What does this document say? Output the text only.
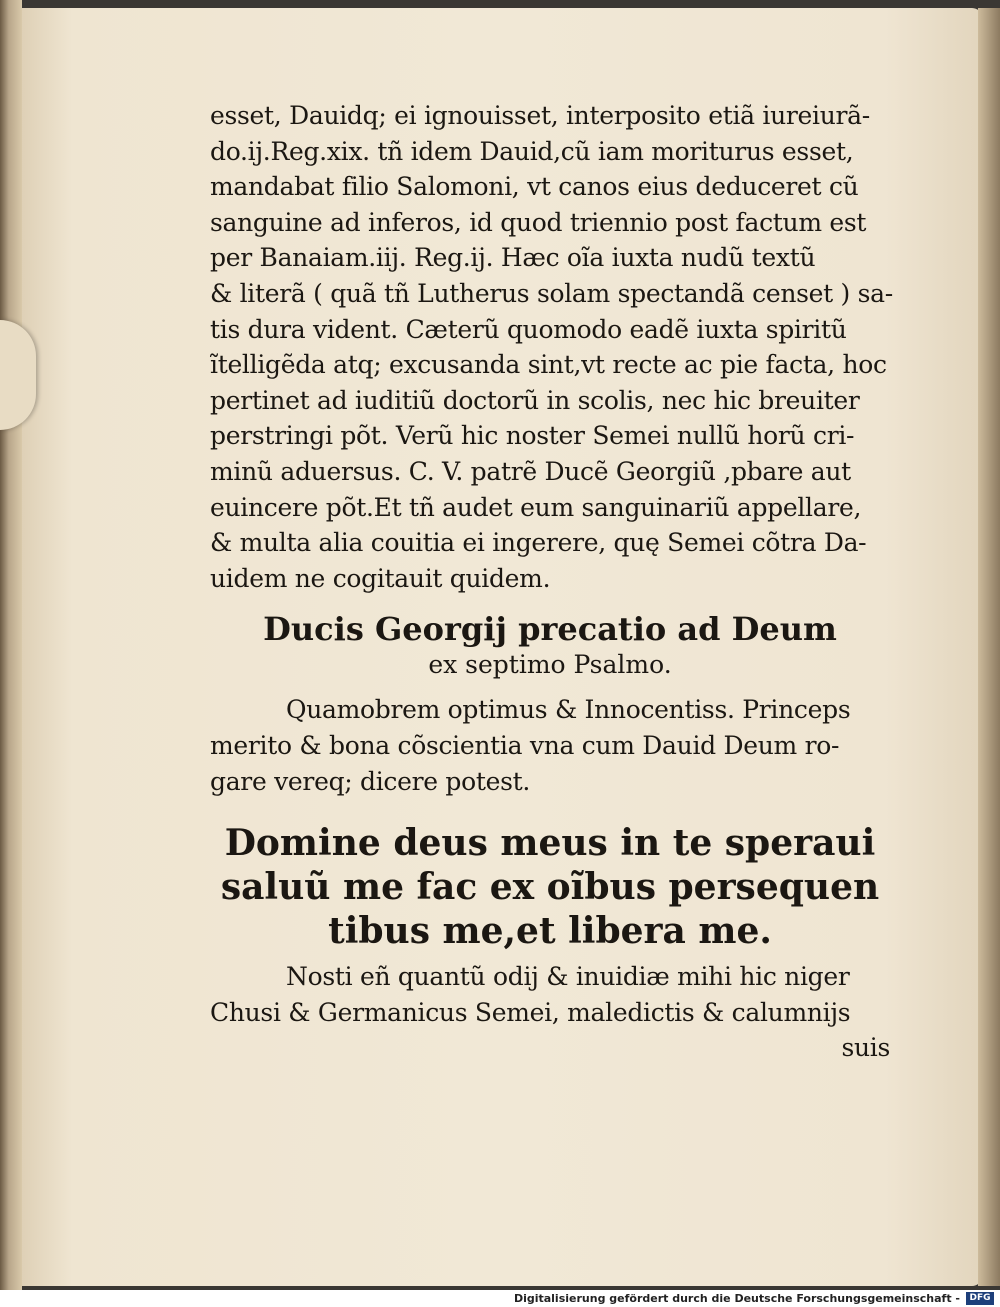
esset, Dauidq; ei ignouisset, interposito etiã iureiurã-
do.ij.Reg.xix. tñ idem Dauid,cũ iam moriturus esset,
mandabat filio Salomoni, vt canos eius deduceret cũ
sanguine ad inferos, id quod triennio post factum est
per Banaiam.iij. Reg.ij. Hæc oĩa iuxta nudũ textũ
& literã ( quã tñ Lutherus solam spectandã censet ) sa-
tis dura vident. Cæterũ quomodo eadẽ iuxta spiritũ
ĩtelligẽda atq; excusanda sint,vt recte ac pie facta, hoc
pertinet ad iuditiũ doctorũ in scolis, nec hic breuiter
perstringi põt. Verũ hic noster Semei nullũ horũ cri-
minũ aduersus. C. V. patrẽ Ducẽ Georgiũ ,pbare aut
euincere põt.Et tñ audet eum sanguinariũ appellare,
& multa alia couitia ei ingerere, quę Semei cõtra Da-
uidem ne cogitauit quidem.
Ducis Georgij precatio ad Deum
ex septimo Psalmo.
Quamobrem optimus & Innocentiss. Princeps
merito & bona cõscientia vna cum Dauid Deum ro-
gare vereq; dicere potest.
Domine deus meus in te speraui
saluũ me fac ex oĩbus persequen
tibus me,et libera me.
Nosti eñ quantũ odij & inuidiæ mihi hic niger
Chusi & Germanicus Semei, maledictis & calumnijs
suis
Digitalisierung gefördert durch die Deutsche Forschungsgemeinschaft -	DFG
